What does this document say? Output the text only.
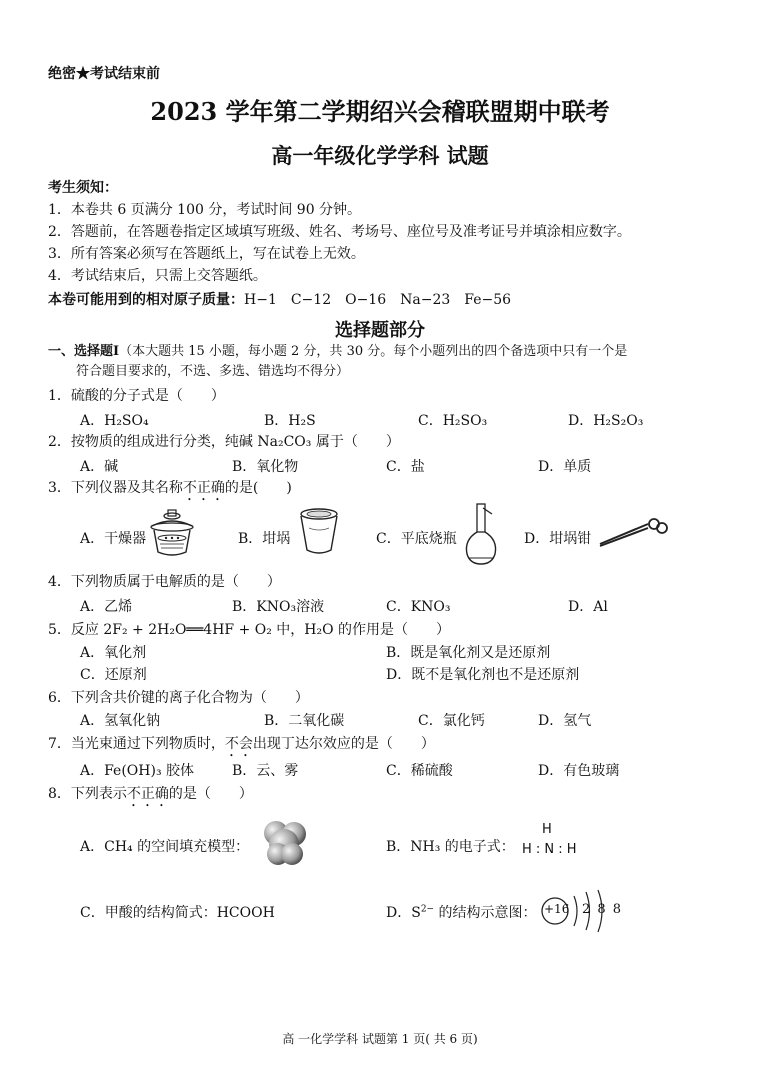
绝密★考试结束前
2023 学年第二学期绍兴会稽联盟期中联考
高一年级化学学科 试题
考生须知：
1．本卷共 6 页满分 100 分，考试时间 90 分钟。
2．答题前，在答题卷指定区域填写班级、姓名、考场号、座位号及准考证号并填涂相应数字。
3．所有答案必须写在答题纸上，写在试卷上无效。
4．考试结束后，只需上交答题纸。
本卷可能用到的相对原子质量：H−1　C−12　O−16　Na−23　Fe−56
选择题部分
一、选择题Ⅰ（本大题共 15 小题，每小题 2 分，共 30 分。每个小题列出的四个备选项中只有一个是
符合题目要求的，不选、多选、错选均不得分）
1．硫酸的分子式是（　　）
A．H₂SO₄	B．H₂S	C．H₂SO₃	D．H₂S₂O₃
2．按物质的组成进行分类，纯碱 Na₂CO₃ 属于（　　）
A．碱	B．氧化物	C．盐	D．单质
3．下列仪器及其名称不正确的是(　　)
A．干燥器	B．坩埚	C．平底烧瓶	D．坩埚钳
4．下列物质属于电解质的是（　　）
A．乙烯	B．KNO₃溶液	C．KNO₃	D．Al
5．反应 2F₂ + 2H₂O══4HF + O₂ 中，H₂O 的作用是（　　）
A．氧化剂	B．既是氧化剂又是还原剂
C．还原剂	D．既不是氧化剂也不是还原剂
6．下列含共价键的离子化合物为（　　）
A．氢氧化钠	B．二氧化碳	C．氯化钙	D．氢气
7．当光束通过下列物质时，不会出现丁达尔效应的是（　　）
A．Fe(OH)₃ 胶体	B．云、雾	C．稀硫酸	D．有色玻璃
8．下列表示不正确的是（　　）
A．CH₄ 的空间填充模型：	B．NH₃ 的电子式：
H
H : N : H
C．甲酸的结构简式：HCOOH	D．$S^{2-}$ 的结构示意图： +16 2 8 8
高 一化学学科 试题第 1 页( 共 6 页)
